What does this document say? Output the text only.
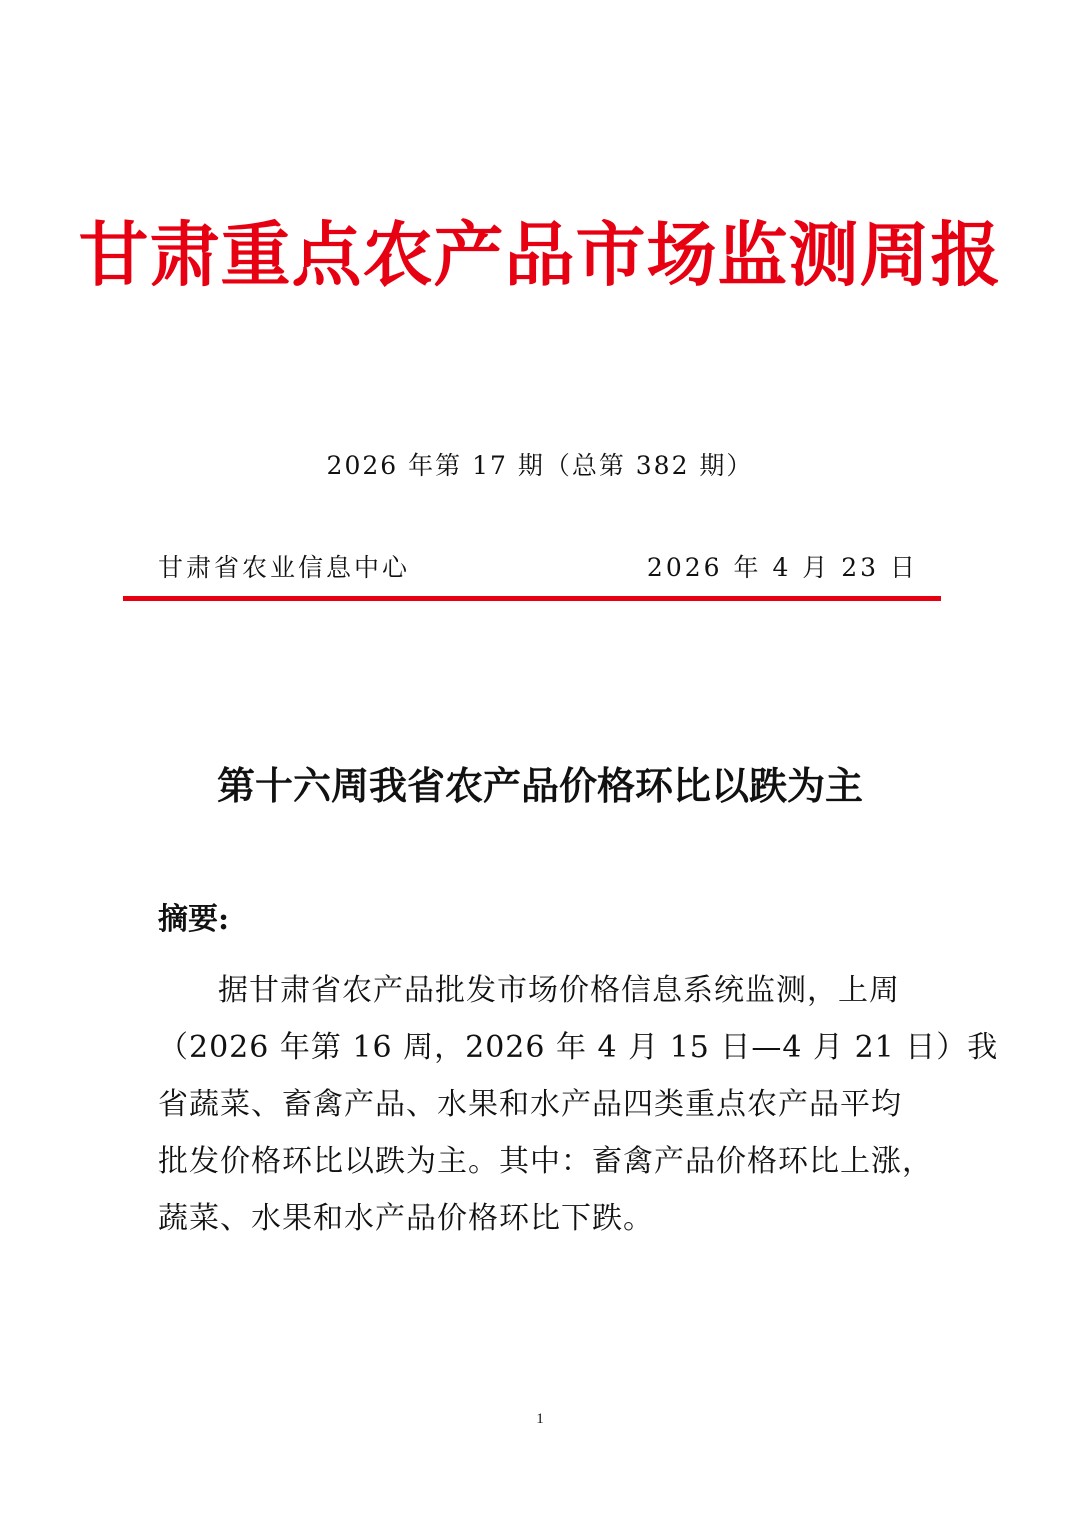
甘肃重点农产品市场监测周报
2026 年第 17 期（总第 382 期）
甘肃省农业信息中心	2026 年 4 月 23 日
第十六周我省农产品价格环比以跌为主
摘要:
据甘肃省农产品批发市场价格信息系统监测，上周
（2026 年第 16 周，2026 年 4 月 15 日—4 月 21 日）我
省蔬菜、畜禽产品、水果和水产品四类重点农产品平均
批发价格环比以跌为主。其中：畜禽产品价格环比上涨，
蔬菜、水果和水产品价格环比下跌。
1
